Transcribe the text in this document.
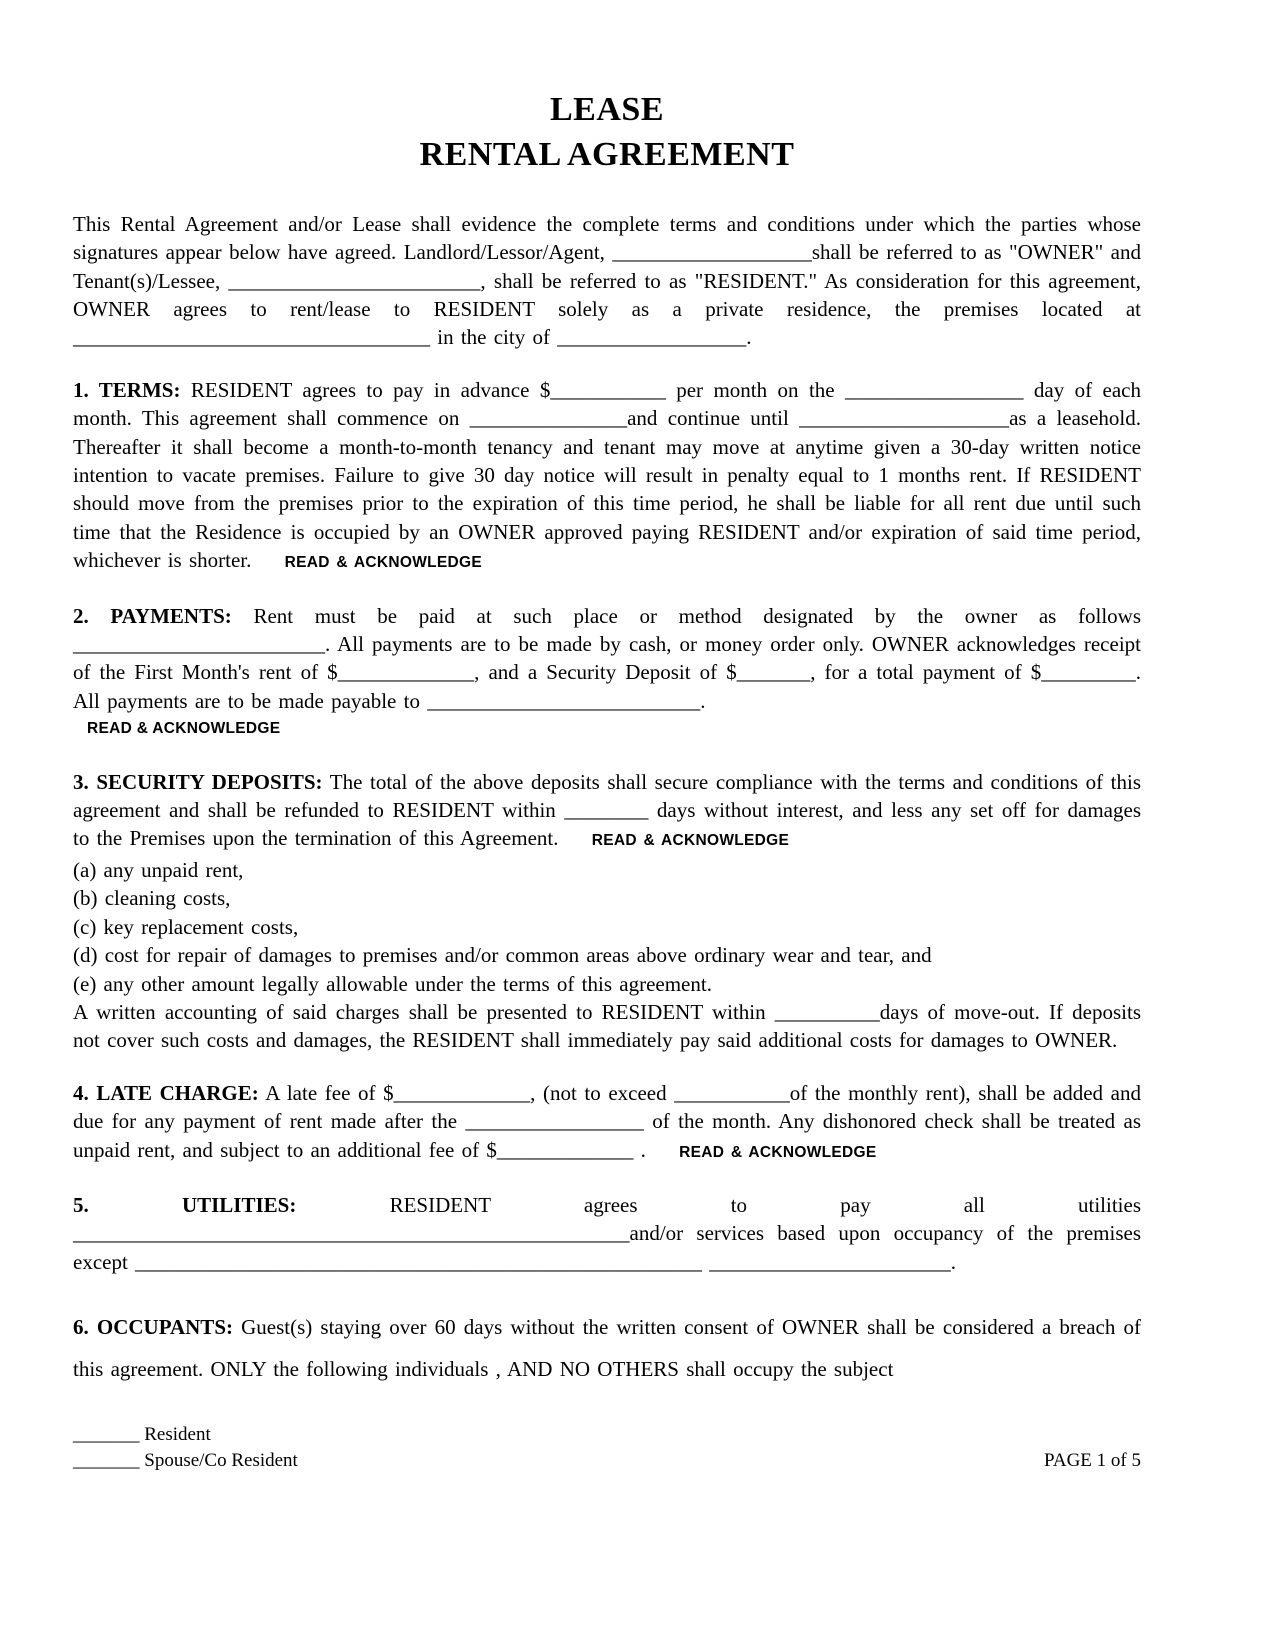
LEASE
RENTAL AGREEMENT

This Rental Agreement and/or Lease shall evidence the complete terms and conditions under which the parties whose signatures appear below have agreed. Landlord/Lessor/Agent, ___________________shall be referred to as "OWNER" and Tenant(s)/Lessee, ________________________, shall be referred to as "RESIDENT." As consideration for this agreement, OWNER agrees to rent/lease to RESIDENT solely as a private residence, the premises located at __________________________________ in the city of __________________.

1. TERMS: RESIDENT agrees to pay in advance $___________ per month on the _________________ day of each month. This agreement shall commence on _______________and continue until ____________________as a leasehold. Thereafter it shall become a month-to-month tenancy and tenant may move at anytime given a 30-day written notice intention to vacate premises. Failure to give 30 day notice will result in penalty equal to 1 months rent. If RESIDENT should move from the premises prior to the expiration of this time period, he shall be liable for all rent due until such time that the Residence is occupied by an OWNER approved paying RESIDENT and/or expiration of said time period, whichever is shorter. READ & ACKNOWLEDGE

2. PAYMENTS: Rent must be paid at such place or method designated by the owner as follows ________________________. All payments are to be made by cash, or money order only. OWNER acknowledges receipt of the First Month's rent of $_____________, and a Security Deposit of $_______, for a total payment of $_________. All payments are to be made payable to __________________________.

READ & ACKNOWLEDGE

3. SECURITY DEPOSITS: The total of the above deposits shall secure compliance with the terms and conditions of this agreement and shall be refunded to RESIDENT within ________ days without interest, and less any set off for damages to the Premises upon the termination of this Agreement. READ & ACKNOWLEDGE

(a) any unpaid rent,
(b) cleaning costs,
(c) key replacement costs,
(d) cost for repair of damages to premises and/or common areas above ordinary wear and tear, and
(e) any other amount legally allowable under the terms of this agreement.

A written accounting of said charges shall be presented to RESIDENT within __________days of move-out. If deposits not cover such costs and damages, the RESIDENT shall immediately pay said additional costs for damages to OWNER.

4. LATE CHARGE: A late fee of $_____________, (not to exceed ___________of the monthly rent), shall be added and due for any payment of rent made after the _________________ of the month. Any dishonored check shall be treated as unpaid rent, and subject to an additional fee of $_____________ . READ & ACKNOWLEDGE

5. UTILITIES:	RESIDENT agrees to pay all utilities _____________________________________________________and/or services based upon occupancy of the premises except ______________________________________________________ _______________________.

6. OCCUPANTS: Guest(s) staying over 60 days without the written consent of OWNER shall be considered a breach of this agreement. ONLY the following individuals , AND NO OTHERS shall occupy the subject

_______ Resident
_______ Spouse/Co Resident	PAGE 1 of 5
